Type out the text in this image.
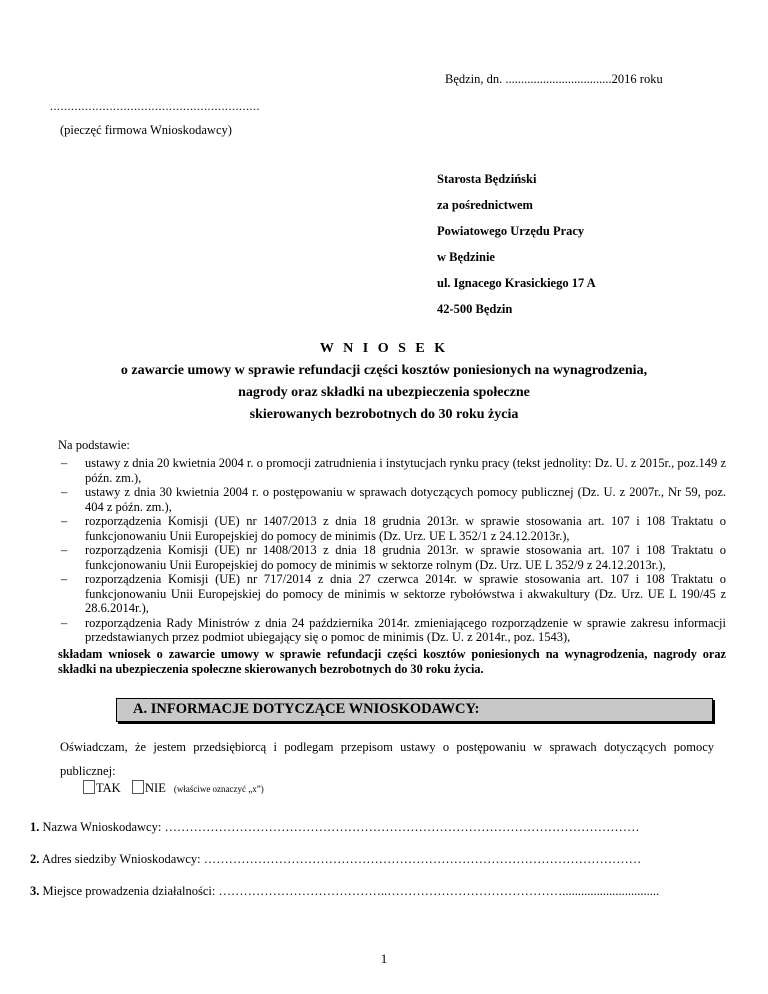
Będzin, dn. ..................................2016 roku
............................................................
(pieczęć firmowa Wnioskodawcy)
Starosta Będziński
za pośrednictwem
Powiatowego Urzędu Pracy
w Będzinie
ul. Ignacego Krasickiego 17 A
42-500 Będzin
W N I O S E K
o zawarcie umowy w sprawie refundacji części kosztów poniesionych na wynagrodzenia,
nagrody oraz składki na ubezpieczenia społeczne
skierowanych bezrobotnych do 30 roku życia
Na podstawie:
– ustawy z dnia 20 kwietnia 2004 r. o promocji zatrudnienia i instytucjach rynku pracy (tekst jednolity: Dz. U. z 2015r., poz.149 z późn. zm.),
– ustawy z dnia 30 kwietnia 2004 r. o postępowaniu w sprawach dotyczących pomocy publicznej (Dz. U. z 2007r., Nr 59, poz. 404 z późn. zm.),
– rozporządzenia Komisji (UE) nr 1407/2013 z dnia 18 grudnia 2013r. w sprawie stosowania art. 107 i 108 Traktatu o funkcjonowaniu Unii Europejskiej do pomocy de minimis (Dz. Urz. UE L 352/1 z 24.12.2013r.),
– rozporządzenia Komisji (UE) nr 1408/2013 z dnia 18 grudnia 2013r. w sprawie stosowania art. 107 i 108 Traktatu o funkcjonowaniu Unii Europejskiej do pomocy de minimis w sektorze rolnym (Dz. Urz. UE L 352/9 z 24.12.2013r.),
– rozporządzenia Komisji (UE) nr 717/2014 z dnia 27 czerwca 2014r. w sprawie stosowania art. 107 i 108 Traktatu o funkcjonowaniu Unii Europejskiej do pomocy de minimis w sektorze rybołówstwa i akwakultury (Dz. Urz. UE L 190/45 z 28.6.2014r.),
– rozporządzenia Rady Ministrów z dnia 24 października 2014r. zmieniającego rozporządzenie w sprawie zakresu informacji przedstawianych przez podmiot ubiegający się o pomoc de minimis (Dz. U. z 2014r., poz. 1543),
składam wniosek o zawarcie umowy w sprawie refundacji części kosztów poniesionych na wynagrodzenia, nagrody oraz składki na ubezpieczenia społeczne skierowanych bezrobotnych do 30 roku życia.
A. INFORMACJE DOTYCZĄCE WNIOSKODAWCY:
Oświadczam, że jestem przedsiębiorcą i podlegam przepisom ustawy o postępowaniu w sprawach dotyczących pomocy publicznej:
TAK	NIE (właściwe oznaczyć „x”)
1. Nazwa Wnioskodawcy: ……………………………………………………………………………………………………
2. Adres siedziby Wnioskodawcy: ……………………………………………………………………………………………
3. Miejsce prowadzenia działalności: …………………………………..……………………………………...............................
1
